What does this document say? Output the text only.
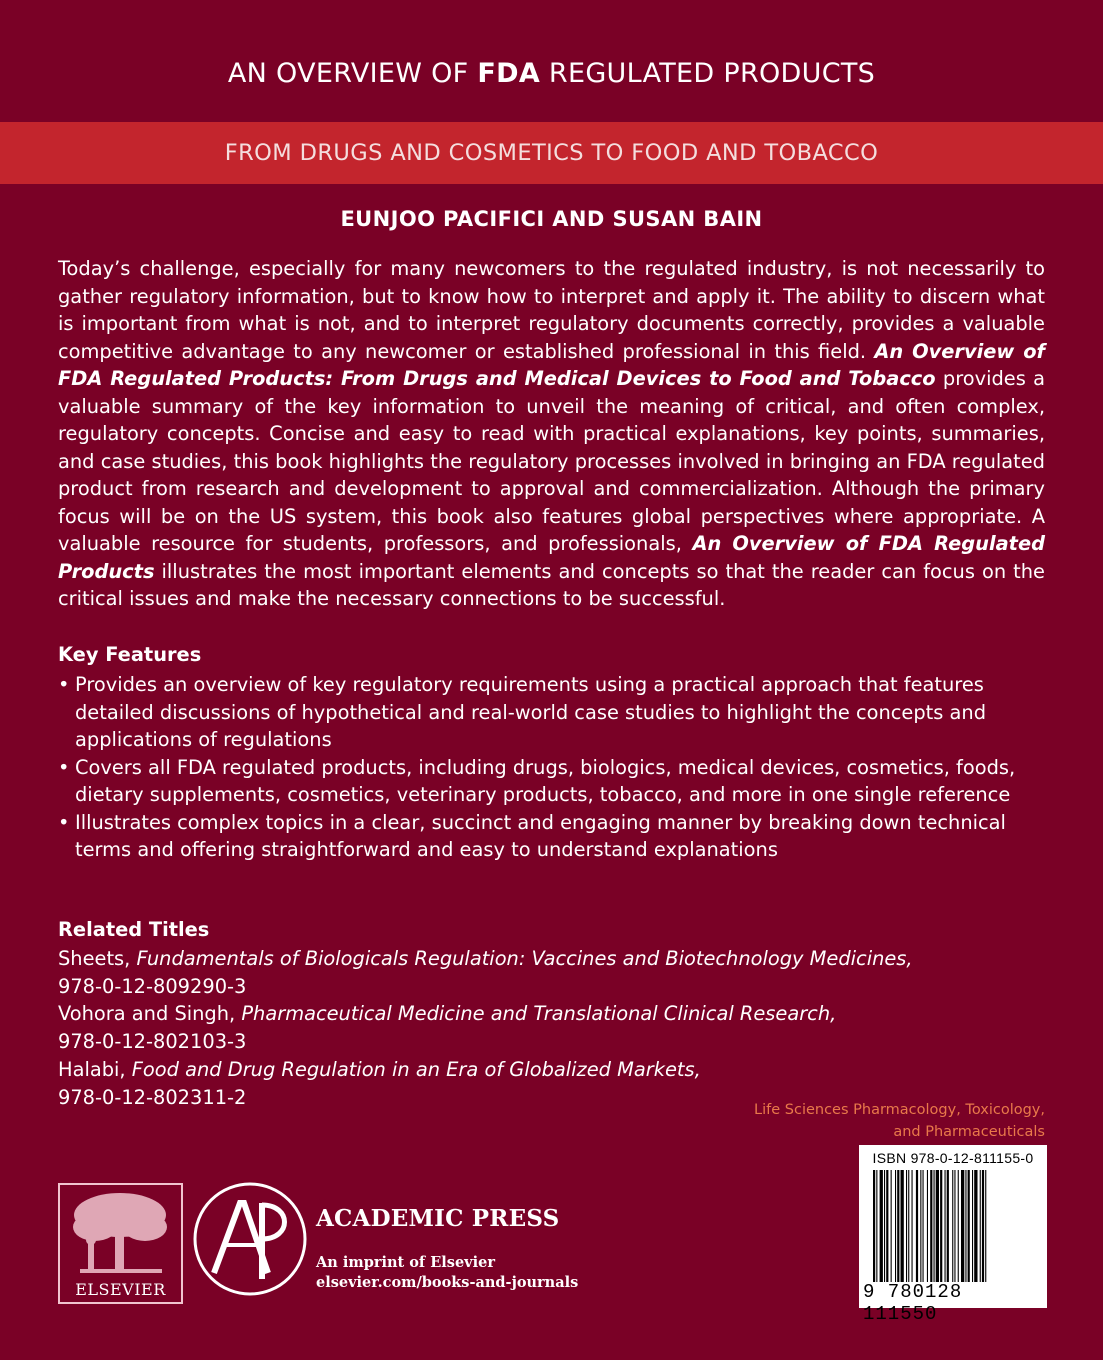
AN OVERVIEW OF FDA REGULATED PRODUCTS
FROM DRUGS AND COSMETICS TO FOOD AND TOBACCO
EUNJOO PACIFICI AND SUSAN BAIN

Today’s challenge, especially for many newcomers to the regulated industry, is not necessarily to gather regulatory information, but to know how to interpret and apply it. The ability to discern what is important from what is not, and to interpret regulatory documents correctly, provides a valuable competitive advantage to any newcomer or established professional in this field. An Overview of FDA Regulated Products: From Drugs and Medical Devices to Food and Tobacco provides a valuable summary of the key information to unveil the meaning of critical, and often complex, regulatory concepts. Concise and easy to read with practical explanations, key points, summaries, and case studies, this book highlights the regulatory processes involved in bringing an FDA regulated product from research and development to approval and commercialization. Although the primary focus will be on the US system, this book also features global perspectives where appropriate. A valuable resource for students, professors, and professionals, An Overview of FDA Regulated Products illustrates the most important elements and concepts so that the reader can focus on the critical issues and make the necessary connections to be successful.

Key Features

• Provides an overview of key regulatory requirements using a practical approach that features detailed discussions of hypothetical and real-world case studies to highlight the concepts and applications of regulations
• Covers all FDA regulated products, including drugs, biologics, medical devices, cosmetics, foods, dietary supplements, cosmetics, veterinary products, tobacco, and more in one single reference
• Illustrates complex topics in a clear, succinct and engaging manner by breaking down technical terms and offering straightforward and easy to understand explanations

Related Titles

Sheets, Fundamentals of Biologicals Regulation: Vaccines and Biotechnology Medicines,
978-0-12-809290-3
Vohora and Singh, Pharmaceutical Medicine and Translational Clinical Research,
978-0-12-802103-3
Halabi, Food and Drug Regulation in an Era of Globalized Markets,
978-0-12-802311-2
Life Sciences Pharmacology, Toxicology,
and Pharmaceuticals
ISBN 978-0-12-811155-0
9 780128 111550
ELSEVIER
ACADEMIC PRESS
An imprint of Elsevier
elsevier.com/books-and-journals
